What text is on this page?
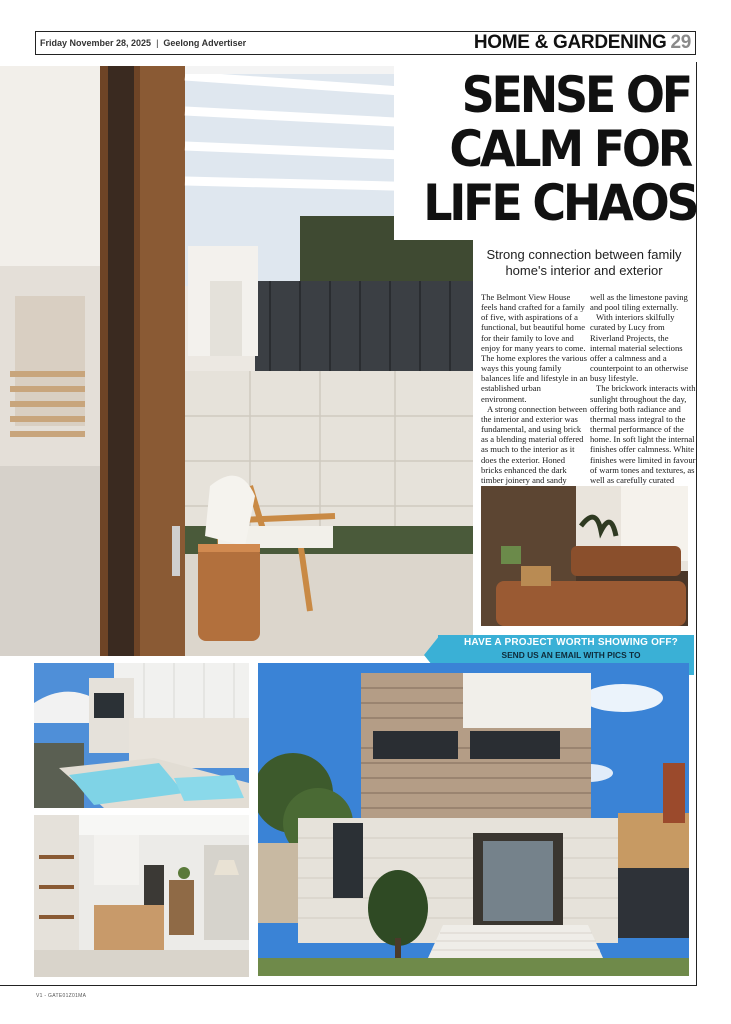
Friday November 28, 2025 | Geelong Advertiser	HOME & GARDENING 29
SENSE OF
CALM FOR
LIFE CHAOS
Strong connection between family home's interior and exterior

The Belmont View House feels hand crafted for a family of five, with aspirations of a functional, but beautiful home for their family to love and enjoy for many years to come. The home explores the various ways this young family balances life and lifestyle in an established urban environment.

A strong connection between the interior and exterior was fundamental, and using brick as a blending material offered as much to the interior as it does the exterior. Honed bricks enhanced the dark timber joinery and sandy

well as the limestone paving and pool tiling externally.

With interiors skilfully curated by Lucy from Riverland Projects, the internal material selections offer a calmness and a counterpoint to an otherwise busy lifestyle.

The brickwork interacts with sunlight throughout the day, offering both radiance and thermal mass integral to the thermal performance of the home. In soft light the internal finishes offer calmness. White finishes were limited in favour of warm tones and textures, as well as carefully curated

HAVE A PROJECT WORTH SHOWING OFF?
SEND US AN EMAIL WITH PICS TO
V1 - GATE01Z01MA
